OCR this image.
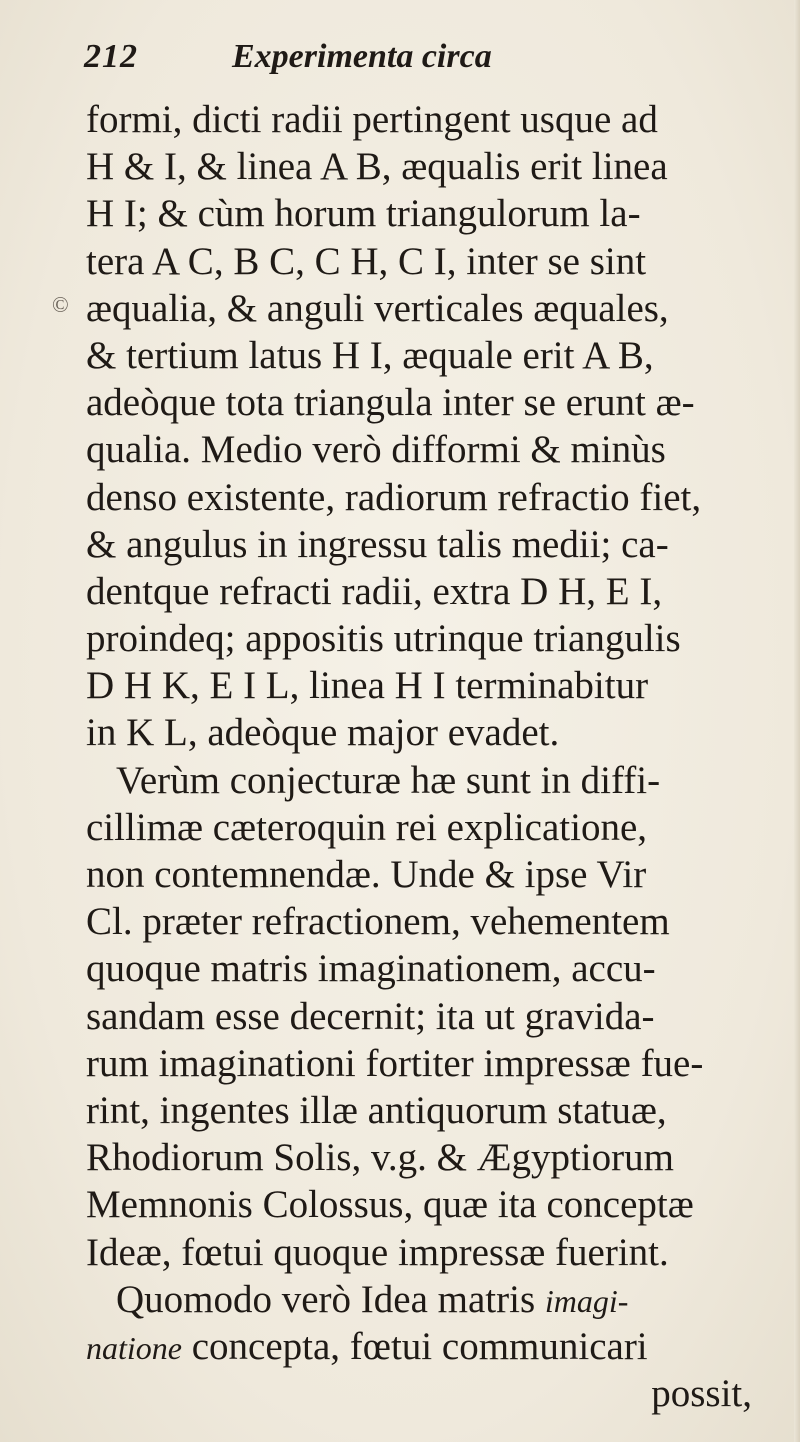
212	Experimenta circa
©
formi, dicti radii pertingent usque ad
H & I, & linea A B, æqualis erit linea
H I; & cùm horum triangulorum la-
tera A C, B C, C H, C I, inter se sint
æqualia, & anguli verticales æquales,
& tertium latus H I, æquale erit A B,
adeòque tota triangula inter se erunt æ-
qualia. Medio verò difformi & minùs
denso existente, radiorum refractio fiet,
& angulus in ingressu talis medii; ca-
dentque refracti radii, extra D H, E I,
proindeq; appositis utrinque triangulis
D H K, E I L, linea H I terminabitur
in K L, adeòque major evadet.
Verùm conjecturæ hæ sunt in diffi-
cillimæ cæteroquin rei explicatione,
non contemnendæ. Unde & ipse Vir
Cl. præter refractionem, vehementem
quoque matris imaginationem, accu-
sandam esse decernit; ita ut gravida-
rum imaginationi fortiter impressæ fue-
rint, ingentes illæ antiquorum statuæ,
Rhodiorum Solis, v.g. & Ægyptiorum
Memnonis Colossus, quæ ita conceptæ
Ideæ, fœtui quoque impressæ fuerint.
Quomodo verò Idea matris imagi-
natione concepta, fœtui communicari
possit,
